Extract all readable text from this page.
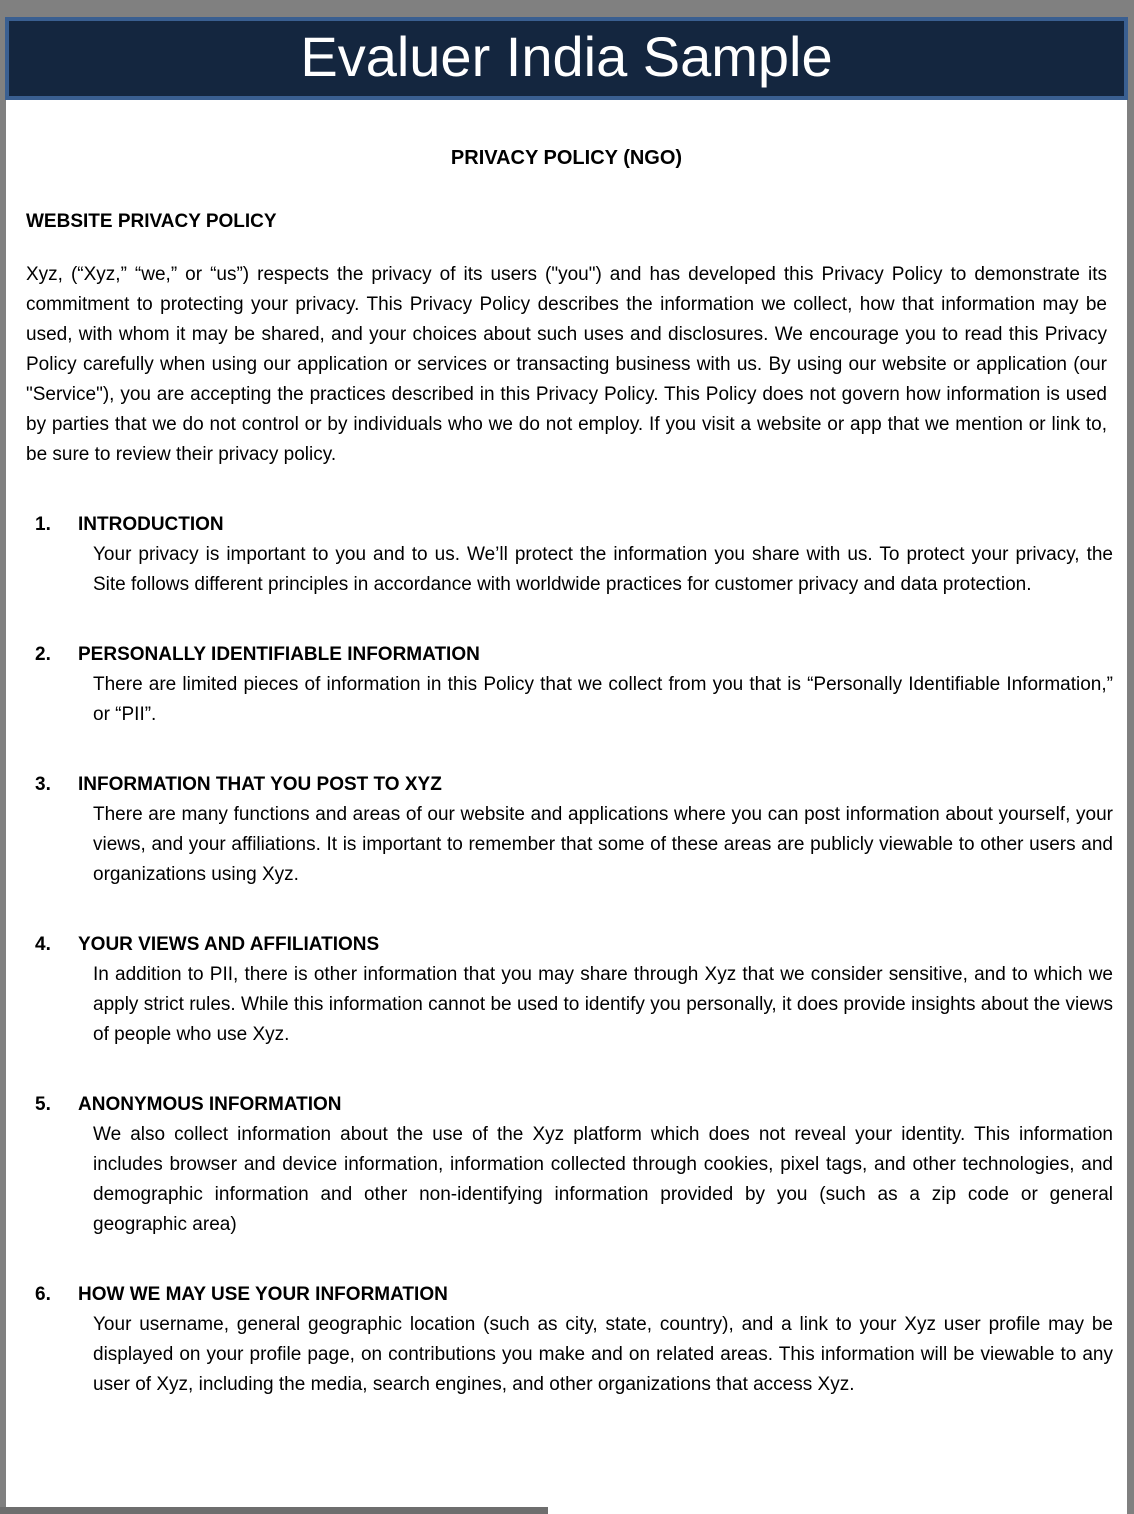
Evaluer India Sample
PRIVACY POLICY (NGO)
WEBSITE PRIVACY POLICY

Xyz, (“Xyz,” “we,” or “us”) respects the privacy of its users ("you") and has developed this Privacy Policy to demonstrate its commitment to protecting your privacy. This Privacy Policy describes the information we collect, how that information may be used, with whom it may be shared, and your choices about such uses and disclosures. We encourage you to read this Privacy Policy carefully when using our application or services or transacting business with us. By using our website or application (our "Service"), you are accepting the practices described in this Privacy Policy. This Policy does not govern how information is used by parties that we do not control or by individuals who we do not employ. If you visit a website or app that we mention or link to, be sure to review their privacy policy.

1.	INTRODUCTION
Your privacy is important to you and to us. We’ll protect the information you share with us. To protect your privacy, the Site follows different principles in accordance with worldwide practices for customer privacy and data protection.
2.	PERSONALLY IDENTIFIABLE INFORMATION
There are limited pieces of information in this Policy that we collect from you that is “Personally Identifiable Information,” or “PII”.
3.	INFORMATION THAT YOU POST TO XYZ
There are many functions and areas of our website and applications where you can post information about yourself, your views, and your affiliations. It is important to remember that some of these areas are publicly viewable to other users and organizations using Xyz.
4.	YOUR VIEWS AND AFFILIATIONS
In addition to PII, there is other information that you may share through Xyz that we consider sensitive, and to which we apply strict rules. While this information cannot be used to identify you personally, it does provide insights about the views of people who use Xyz.
5.	ANONYMOUS INFORMATION
We also collect information about the use of the Xyz platform which does not reveal your identity. This information includes browser and device information, information collected through cookies, pixel tags, and other technologies, and demographic information and other non-identifying information provided by you (such as a zip code or general geographic area)
6.	HOW WE MAY USE YOUR INFORMATION
Your username, general geographic location (such as city, state, country), and a link to your Xyz user profile may be displayed on your profile page, on contributions you make and on related areas. This information will be viewable to any user of Xyz, including the media, search engines, and other organizations that access Xyz.
